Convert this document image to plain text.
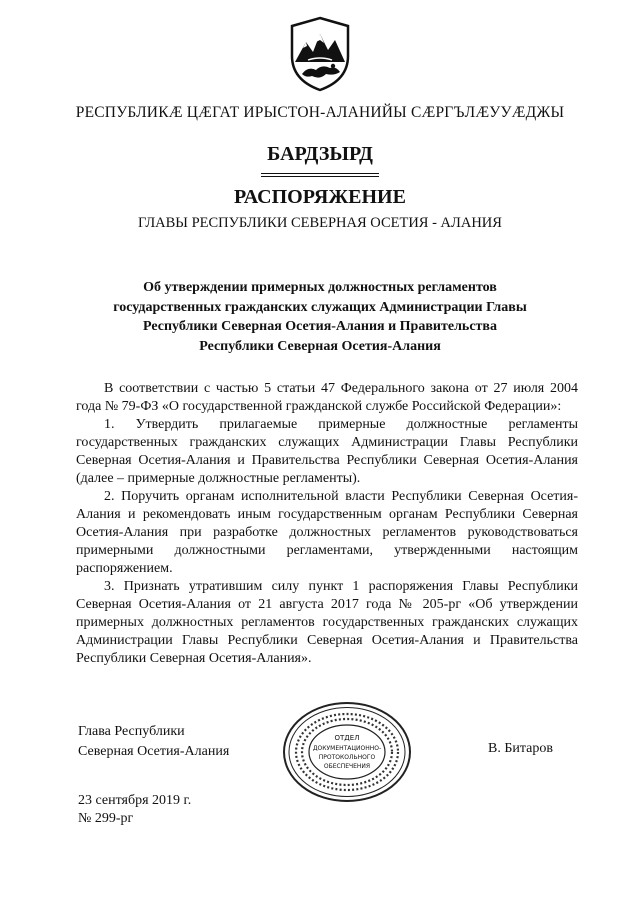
РЕСПУБЛИКÆ ЦÆГАТ ИРЫСТОН-АЛАНИЙЫ СÆРГЪЛÆУУÆДЖЫ
БАРДЗЫРД
РАСПОРЯЖЕНИЕ
ГЛАВЫ РЕСПУБЛИКИ СЕВЕРНАЯ ОСЕТИЯ - АЛАНИЯ
Об утверждении примерных должностных регламентов
государственных гражданских служащих Администрации Главы
Республики Северная Осетия-Алания и Правительства
Республики Северная Осетия-Алания

В соответствии с частью 5 статьи 47 Федерального закона от 27 июля 2004 года № 79-ФЗ «О государственной гражданской службе Российской Федерации»:

1. Утвердить прилагаемые примерные должностные регламенты государственных гражданских служащих Администрации Главы Республики Северная Осетия-Алания и Правительства Республики Северная Осетия-Алания (далее – примерные должностные регламенты).

2. Поручить органам исполнительной власти Республики Северная Осетия-Алания и рекомендовать иным государственным органам Республики Северная Осетия-Алания при разработке должностных регламентов руководствоваться примерными должностными регламентами, утвержденными настоящим распоряжением.

3. Признать утратившим силу пункт 1 распоряжения Главы Республики Северная Осетия-Алания от 21 августа 2017 года № 205-рг «Об утверждении примерных должностных регламентов государственных гражданских служащих Администрации Главы Республики Северная Осетия-Алания и Правительства Республики Северная Осетия-Алания».

Глава Республики
Северная Осетия-Алания
ОТДЕЛ
ДОКУМЕНТАЦИОННО-
ПРОТОКОЛЬНОГО
ОБЕСПЕЧЕНИЯ
В. Битаров
23 сентября 2019 г.
№ 299-рг
